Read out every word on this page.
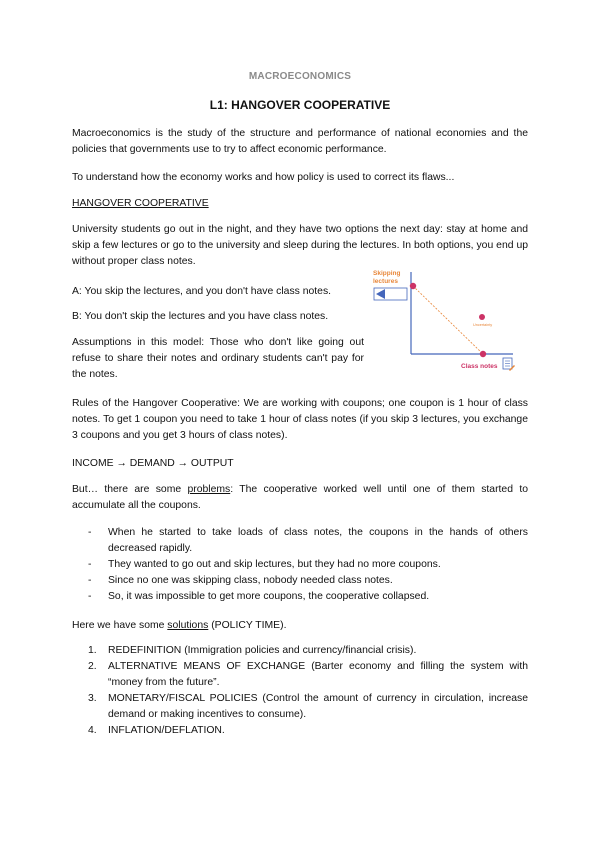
MACROECONOMICS
L1: HANGOVER COOPERATIVE

Macroeconomics is the study of the structure and performance of national economies and the policies that governments use to try to affect economic performance.

To understand how the economy works and how policy is used to correct its flaws...

HANGOVER COOPERATIVE

University students go out in the night, and they have two options the next day: stay at home and skip a few lectures or go to the university and sleep during the lectures. In both options, you end up without proper class notes.

A: You skip the lectures, and you don't have class notes.

B: You don't skip the lectures and you have class notes.

Assumptions in this model: Those who don't like going out refuse to share their notes and ordinary students can't pay for the notes.

Skipping
lectures
Uncertainty
Class notes

Rules of the Hangover Cooperative: We are working with coupons; one coupon is 1 hour of class notes. To get 1 coupon you need to take 1 hour of class notes (if you skip 3 lectures, you exchange 3 coupons and you get 3 hours of class notes).

INCOME → DEMAND → OUTPUT

But… there are some problems: The cooperative worked well until one of them started to accumulate all the coupons.

- When he started to take loads of class notes, the coupons in the hands of others decreased rapidly.
- They wanted to go out and skip lectures, but they had no more coupons.
- Since no one was skipping class, nobody needed class notes.
- So, it was impossible to get more coupons, the cooperative collapsed.

Here we have some solutions (POLICY TIME).

1. REDEFINITION (Immigration policies and currency/financial crisis).
2. ALTERNATIVE MEANS OF EXCHANGE (Barter economy and filling the system with “money from the future”.
3. MONETARY/FISCAL POLICIES (Control the amount of currency in circulation, increase demand or making incentives to consume).
4. INFLATION/DEFLATION.
